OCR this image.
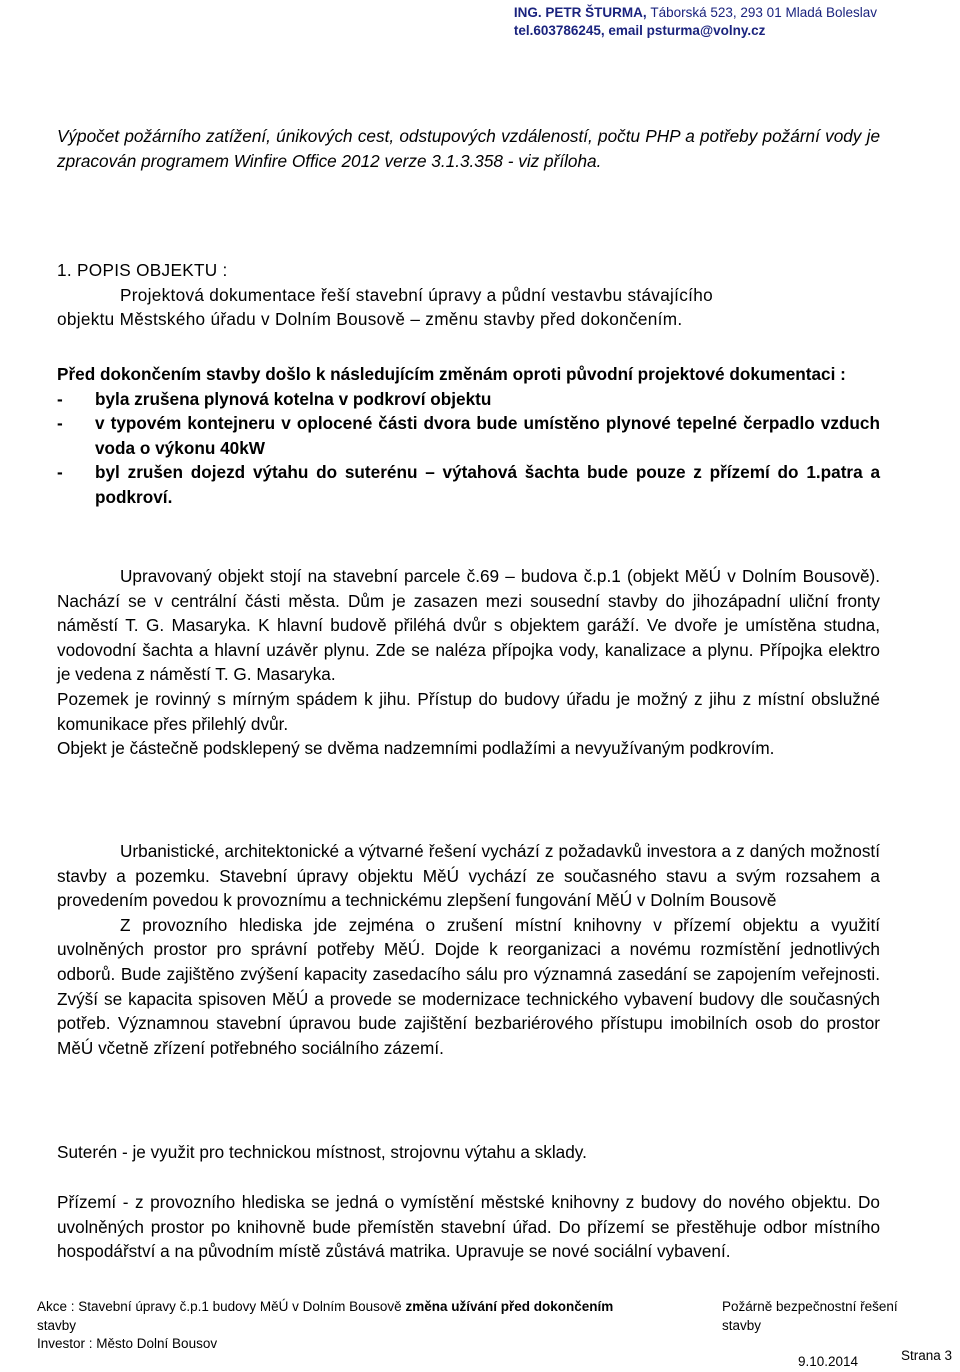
ING. PETR ŠTURMA, Táborská 523, 293 01 Mladá Boleslav
tel.603786245, email psturma@volny.cz

Výpočet požárního zatížení, únikových cest, odstupových vzdáleností, počtu PHP a potřeby požární vody je zpracován programem Winfire Office 2012 verze 3.1.3.358 - viz příloha.

1. POPIS OBJEKTU :

Projektová dokumentace řeší stavební úpravy a půdní vestavbu stávajícího

objektu Městského úřadu v Dolním Bousově – změnu stavby před dokončením.

Před dokončením stavby došlo k následujícím změnám oproti původní projektové dokumentaci :

-	byla zrušena plynová kotelna v podkroví objektu
-	v typovém kontejneru v oplocené části dvora bude umístěno plynové tepelné čerpadlo vzduch voda o výkonu 40kW
-	byl zrušen dojezd výtahu do suterénu – výtahová šachta bude pouze z přízemí do 1.patra a podkroví.

Upravovaný objekt stojí na stavební parcele č.69 – budova č.p.1 (objekt MěÚ v Dolním Bousově). Nachází se v centrální části města. Dům je zasazen mezi sousední stavby do jihozápadní uliční fronty náměstí T. G. Masaryka. K hlavní budově přiléhá dvůr s objektem garáží. Ve dvoře je umístěna studna, vodovodní šachta a hlavní uzávěr plynu. Zde se naléza přípojka vody, kanalizace a plynu. Přípojka elektro je vedena z náměstí T. G. Masaryka.

Pozemek je rovinný s mírným spádem k jihu. Přístup do budovy úřadu je možný z jihu z místní obslužné komunikace přes přilehlý dvůr.

Objekt je částečně podsklepený se dvěma nadzemními podlažími a nevyužívaným podkrovím.

Urbanistické, architektonické a výtvarné řešení vychází z požadavků investora a z daných možností stavby a pozemku. Stavební úpravy objektu MěÚ vychází ze současného stavu a svým rozsahem a provedením povedou k provoznímu a technickému zlepšení fungování MěÚ v Dolním Bousově

Z provozního hlediska jde zejména o zrušení místní knihovny v přízemí objektu a využití uvolněných prostor pro správní potřeby MěÚ. Dojde k reorganizaci a novému rozmístění jednotlivých odborů. Bude zajištěno zvýšení kapacity zasedacího sálu pro významná zasedání se zapojením veřejnosti. Zvýší se kapacita spisoven MěÚ a provede se modernizace technického vybavení budovy dle současných potřeb. Významnou stavební úpravou bude zajištění bezbariérového přístupu imobilních osob do prostor MěÚ včetně zřízení potřebného sociálního zázemí.

Suterén - je využit pro technickou místnost, strojovnu výtahu a sklady.

Přízemí - z provozního hlediska se jedná o vymístění městské knihovny z budovy do nového objektu. Do uvolněných prostor po knihovně bude přemístěn stavební úřad. Do přízemí se přestěhuje odbor místního hospodářství a na původním místě zůstává matrika. Upravuje se nové sociální vybavení.

Akce : Stavební úpravy č.p.1 budovy MěÚ v Dolním Bousově změna užívání před dokončením
stavby
Investor : Město Dolní Bousov
Požárně bezpečnostní řešení stavby
9.10.2014	Strana 3
